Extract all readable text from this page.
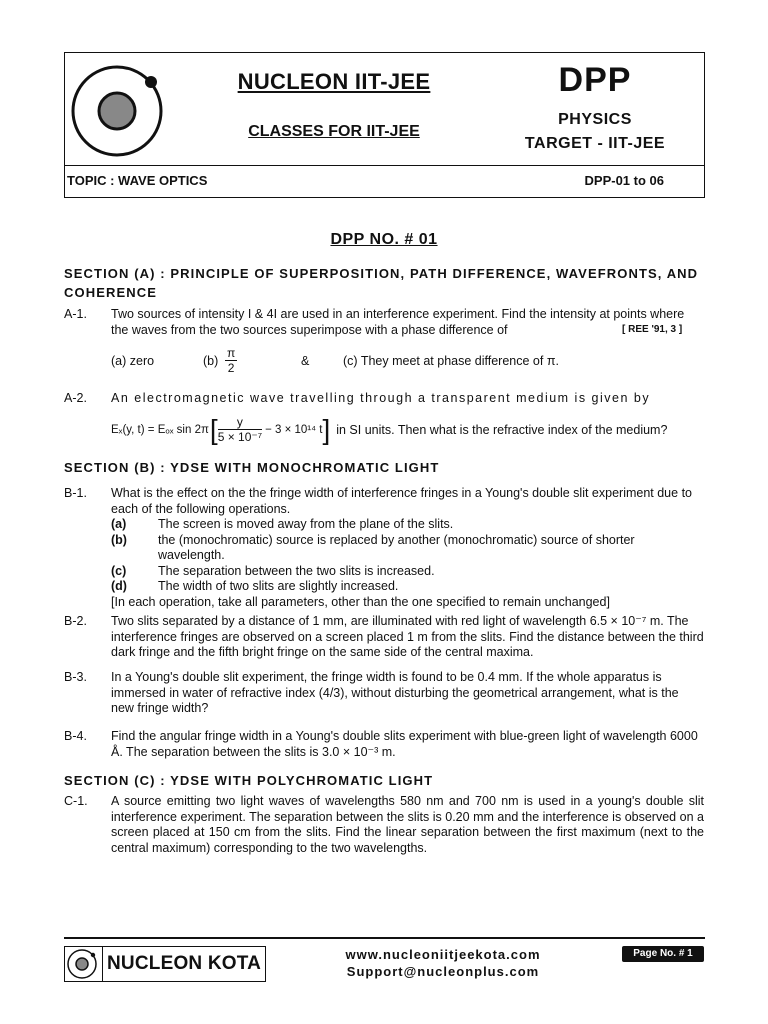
NUCLEON IIT-JEE
CLASSES FOR IIT-JEE
DPP
PHYSICS
TARGET - IIT-JEE
TOPIC : WAVE OPTICS	DPP-01 to 06
DPP NO. # 01
SECTION (A) : PRINCIPLE OF SUPERPOSITION, PATH DIFFERENCE, WAVEFRONTS, AND COHERENCE
A-1. Two sources of intensity I & 4I are used in an interference experiment. Find the intensity at points where the waves from the two sources superimpose with a phase difference of	[ REE '91, 3 ]
(a) zero	$(b) \frac{\pi}{2}$	&	(c) They meet at phase difference of π.
A-2. An electromagnetic wave travelling through a transparent medium is given by
Eₓ(y, t) = Eₒₓ sin 2π [ $\frac{y}{\text{5 × 10⁻⁷}} - 3 \times 10^{14}$ t ] in SI units. Then what is the refractive index of the medium?
SECTION (B) : YDSE WITH MONOCHROMATIC LIGHT
B-1. What is the effect on the the fringe width of interference fringes in a Young's double slit experiment due to each of the following operations.
(a)	The screen is moved away from the plane of the slits.
(b)	the (monochromatic) source is replaced by another (monochromatic) source of shorter wavelength.
(c)	The separation between the two slits is increased.
(d)	The width of two slits are slightly increased.
[In each operation, take all parameters, other than the one specified to remain unchanged]
B-2. Two slits separated by a distance of 1 mm, are illuminated with red light of wavelength 6.5 × 10⁻⁷ m. The interference fringes are observed on a screen placed 1 m from the slits. Find the distance between the third dark fringe and the fifth bright fringe on the same side of the central maxima.
B-3. In a Young's double slit experiment, the fringe width is found to be 0.4 mm. If the whole apparatus is immersed in water of refractive index (4/3), without disturbing the geometrical arrangement, what is the new fringe width?
B-4. Find the angular fringe width in a Young's double slits experiment with blue-green light of wavelength 6000 Å. The separation between the slits is 3.0 × 10⁻³ m.
SECTION (C) : YDSE WITH POLYCHROMATIC LIGHT
C-1. A source emitting two light waves of wavelengths 580 nm and 700 nm is used in a young's double slit interference experiment. The separation between the slits is 0.20 mm and the interference is observed on a screen placed at 150 cm from the slits. Find the linear separation between the first maximum (next to the central maximum) corresponding to the two wavelengths.
NUCLEON KOTA	www.nucleoniitjeekota.com
Support@nucleonplus.com
Page No. # 1
